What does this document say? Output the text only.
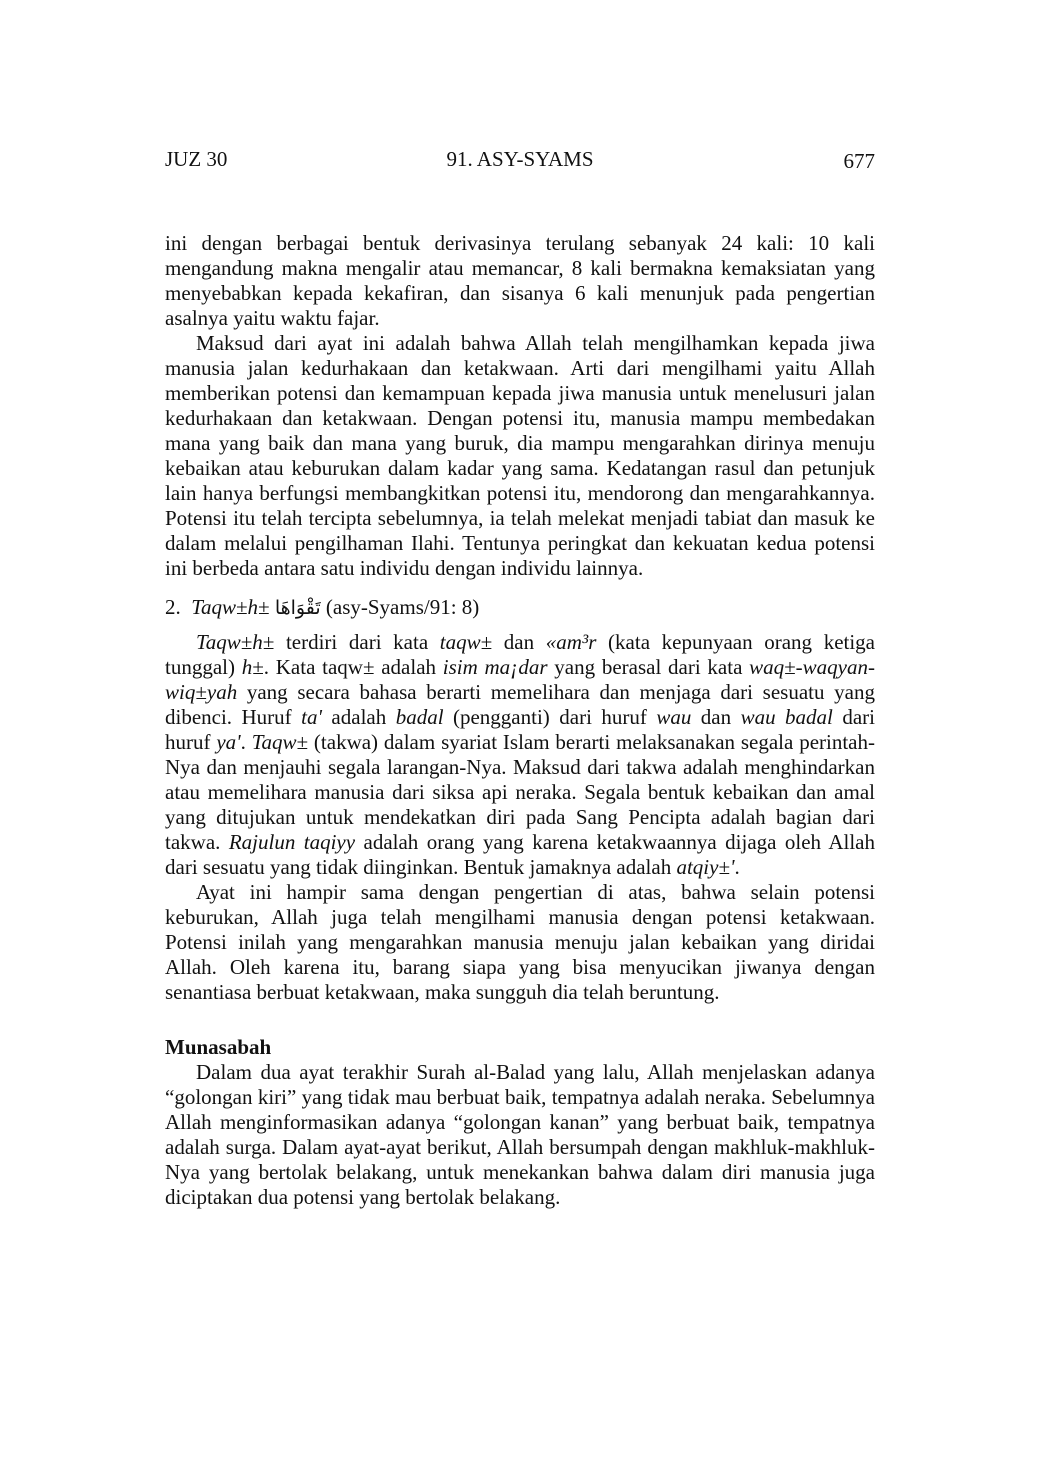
JUZ 30	91. ASY-SYAMS	677

ini dengan berbagai bentuk derivasinya terulang sebanyak 24 kali: 10 kali mengandung makna mengalir atau memancar, 8 kali bermakna kemaksiatan yang menyebabkan kepada kekafiran, dan sisanya 6 kali menunjuk pada pengertian asalnya yaitu waktu fajar.

Maksud dari ayat ini adalah bahwa Allah telah mengilhamkan kepada jiwa manusia jalan kedurhakaan dan ketakwaan. Arti dari mengilhami yaitu Allah memberikan potensi dan kemampuan kepada jiwa manusia untuk menelusuri jalan kedurhakaan dan ketakwaan. Dengan potensi itu, manusia mampu membedakan mana yang baik dan mana yang buruk, dia mampu mengarahkan dirinya menuju kebaikan atau keburukan dalam kadar yang sama. Kedatangan rasul dan petunjuk lain hanya berfungsi membangkitkan potensi itu, mendorong dan mengarahkannya. Potensi itu telah tercipta sebelumnya, ia telah melekat menjadi tabiat dan masuk ke dalam melalui pengilhaman Ilahi. Tentunya peringkat dan kekuatan kedua potensi ini berbeda antara satu individu dengan individu lainnya.

2. Taqw±h± تَقْوَاهَا (asy-Syams/91: 8)

Taqw±h± terdiri dari kata taqw± dan «am³r (kata kepunyaan orang ketiga tunggal) h±. Kata taqw± adalah isim ma¡dar yang berasal dari kata waq±-waqyan-wiq±yah yang secara bahasa berarti memelihara dan menjaga dari sesuatu yang dibenci. Huruf ta' adalah badal (pengganti) dari huruf wau dan wau badal dari huruf ya'. Taqw± (takwa) dalam syariat Islam berarti melaksanakan segala perintah-Nya dan menjauhi segala larangan-Nya. Maksud dari takwa adalah menghindarkan atau memelihara manusia dari siksa api neraka. Segala bentuk kebaikan dan amal yang ditujukan untuk mendekatkan diri pada Sang Pencipta adalah bagian dari takwa. Rajulun taqiyy adalah orang yang karena ketakwaannya dijaga oleh Allah dari sesuatu yang tidak diinginkan. Bentuk jamaknya adalah atqiy±'.

Ayat ini hampir sama dengan pengertian di atas, bahwa selain potensi keburukan, Allah juga telah mengilhami manusia dengan potensi ketakwaan. Potensi inilah yang mengarahkan manusia menuju jalan kebaikan yang diridai Allah. Oleh karena itu, barang siapa yang bisa menyucikan jiwanya dengan senantiasa berbuat ketakwaan, maka sungguh dia telah beruntung.

Munasabah

Dalam dua ayat terakhir Surah al-Balad yang lalu, Allah menjelaskan adanya “golongan kiri” yang tidak mau berbuat baik, tempatnya adalah neraka. Sebelumnya Allah menginformasikan adanya “golongan kanan” yang berbuat baik, tempatnya adalah surga. Dalam ayat-ayat berikut, Allah bersumpah dengan makhluk-makhluk-Nya yang bertolak belakang, untuk menekankan bahwa dalam diri manusia juga diciptakan dua potensi yang bertolak belakang.
